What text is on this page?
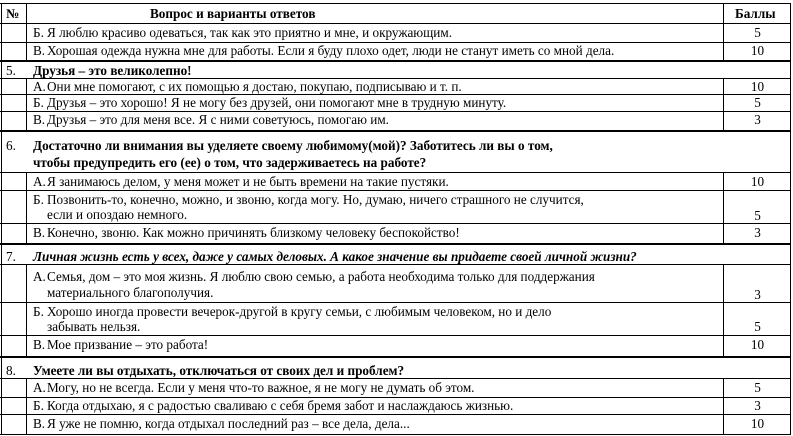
№	Вопрос и варианты ответов	Баллы
Б. Я люблю красиво одеваться, так как это приятно и мне, и окружающим.	5
В. Хорошая одежда нужна мне для работы. Если я буду плохо одет, люди не станут иметь со мной дела.	10
5. Друзья – это великолепно!
А. Они мне помогают, с их помощью я достаю, покупаю, подписываю и т. п.	10
Б. Друзья – это хорошо! Я не могу без друзей, они помогают мне в трудную минуту.	5
В. Друзья – это для меня все. Я с ними советуюсь, помогаю им.	3
6. Достаточно ли внимания вы уделяете своему любимому(мой)? Заботитесь ли вы о том,
чтобы предупредить его (ее) о том, что задерживаетесь на работе?
А. Я занимаюсь делом, у меня может и не быть времени на такие пустяки.	10
Б. Позвонить-то, конечно, можно, и звоню, когда могу. Но, думаю, ничего страшного не случится,
если и опоздаю немного.	5
В. Конечно, звоню. Как можно причинять близкому человеку беспокойство!	3
7. Личная жизнь есть у всех, даже у самых деловых. А какое значение вы придаете своей личной жизни?
А. Семья, дом – это моя жизнь. Я люблю свою семью, а работа необходима только для поддержания
материального благополучия.	3
Б. Хорошо иногда провести вечерок-другой в кругу семьи, с любимым человеком, но и дело
забывать нельзя.	5
В. Мое призвание – это работа!	10
8. Умеете ли вы отдыхать, отключаться от своих дел и проблем?
А. Могу, но не всегда. Если у меня что-то важное, я не могу не думать об этом.	5
Б. Когда отдыхаю, я с радостью сваливаю с себя бремя забот и наслаждаюсь жизнью.	3
В. Я уже не помню, когда отдыхал последний раз – все дела, дела...	10
